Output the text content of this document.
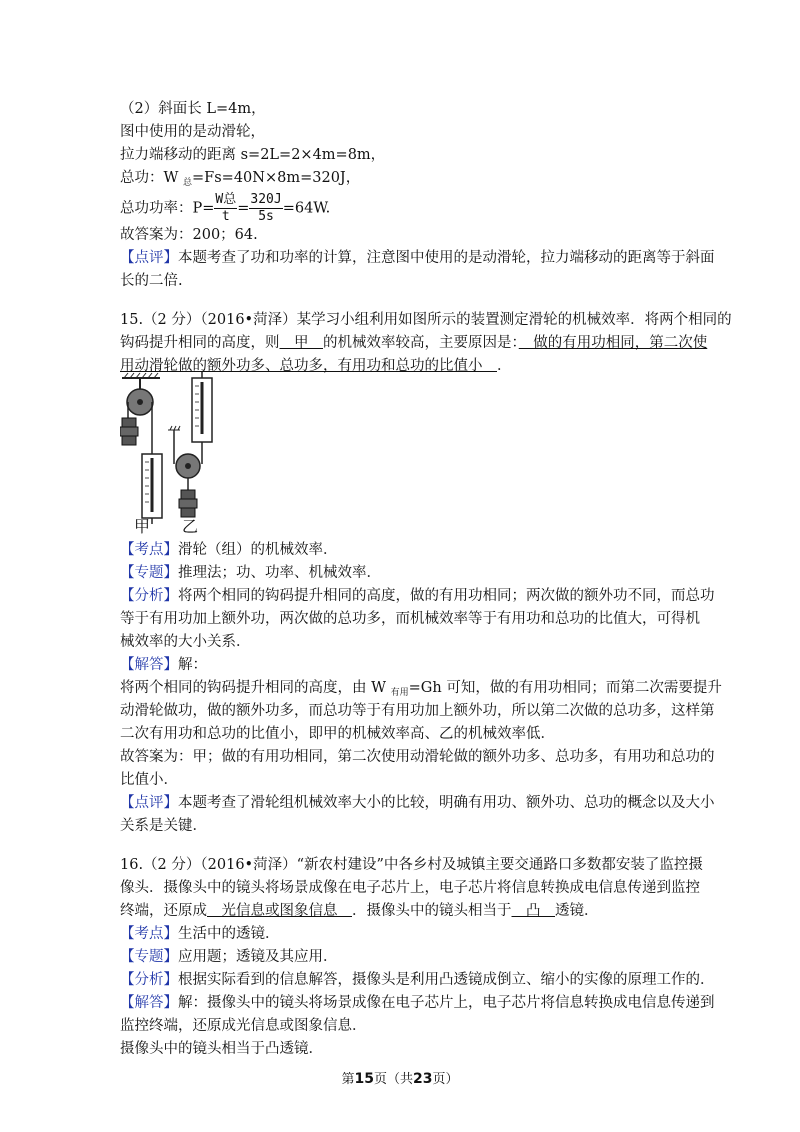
（2）斜面长 L=4m，
图中使用的是动滑轮，
拉力端移动的距离 s=2L=2×4m=8m，
总功：W $_总$=Fs=40N×8m=320J，
总功功率：$P= \frac{\text{W总}}{t} = \frac{320J}{5s} =64W$.
故答案为：200；64.
【点评】本题考查了功和功率的计算，注意图中使用的是动滑轮，拉力端移动的距离等于斜面
长的二倍.
15.（2 分）（2016•菏泽）某学习小组利用如图所示的装置测定滑轮的机械效率．将两个相同的
钩码提升相同的高度，则　甲　的机械效率较高，主要原因是：　做的有用功相同，第二次使
用动滑轮做的额外功多、总功多，有用功和总功的比值小　．
甲 乙
【考点】滑轮（组）的机械效率．
【专题】推理法；功、功率、机械效率．
【分析】将两个相同的钩码提升相同的高度，做的有用功相同；两次做的额外功不同，而总功
等于有用功加上额外功，两次做的总功多，而机械效率等于有用功和总功的比值大，可得机
械效率的大小关系．
【解答】解：
将两个相同的钩码提升相同的高度，由 W $_{有用}$=Gh 可知，做的有用功相同；而第二次需要提升
动滑轮做功，做的额外功多，而总功等于有用功加上额外功，所以第二次做的总功多，这样第
二次有用功和总功的比值小，即甲的机械效率高、乙的机械效率低．
故答案为：甲；做的有用功相同，第二次使用动滑轮做的额外功多、总功多，有用功和总功的
比值小．
【点评】本题考查了滑轮组机械效率大小的比较，明确有用功、额外功、总功的概念以及大小
关系是关键．
16.（2 分）（2016•菏泽）“新农村建设”中各乡村及城镇主要交通路口多数都安装了监控摄
像头．摄像头中的镜头将场景成像在电子芯片上，电子芯片将信息转换成电信息传递到监控
终端，还原成　光信息或图象信息　．摄像头中的镜头相当于　凸　透镜．
【考点】生活中的透镜．
【专题】应用题；透镜及其应用．
【分析】根据实际看到的信息解答，摄像头是利用凸透镜成倒立、缩小的实像的原理工作的．
【解答】解：摄像头中的镜头将场景成像在电子芯片上，电子芯片将信息转换成电信息传递到
监控终端，还原成光信息或图象信息．
摄像头中的镜头相当于凸透镜．
第15页（共23页）
